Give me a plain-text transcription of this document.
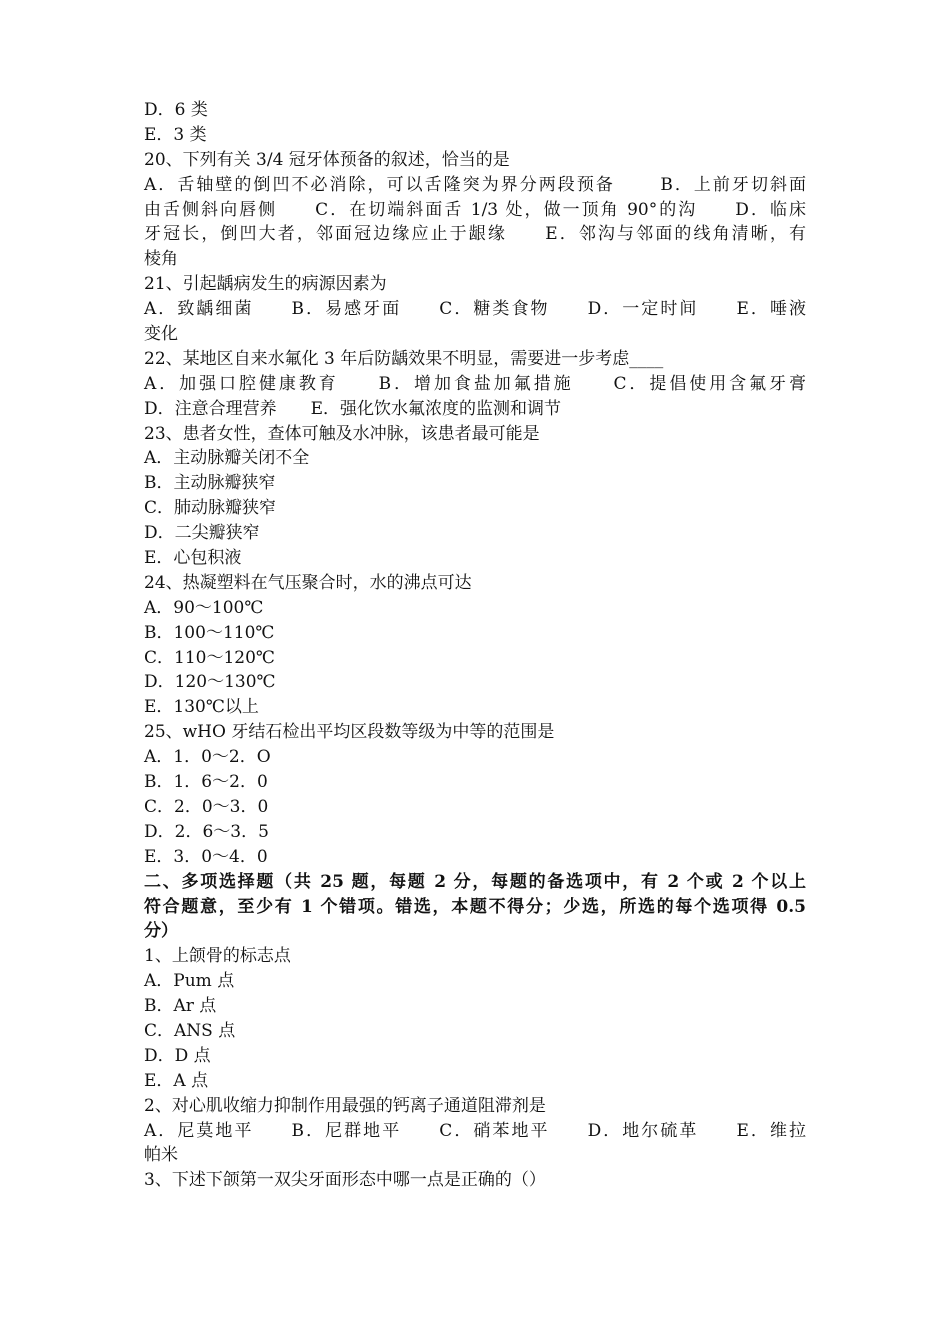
D．6 类
E．3 类
20、下列有关 3/4 冠牙体预备的叙述，恰当的是
A．舌轴壁的倒凹不必消除，可以舌隆突为界分两段预备　　 B．上前牙切斜面
由舌侧斜向唇侧　　C．在切端斜面舌 1/3 处，做一顶角 90°的沟　　D．临床
牙冠长，倒凹大者，邻面冠边缘应止于龈缘　　E．邻沟与邻面的线角清晰，有
棱角
21、引起龋病发生的病源因素为
A．致龋细菌　　B．易感牙面　　C．糖类食物　　D．一定时间　　E．唾液
变化
22、某地区自来水氟化 3 年后防龋效果不明显，需要进一步考虑____
A．加强口腔健康教育　　B．增加食盐加氟措施　　C．提倡使用含氟牙膏
D．注意合理营养　　E．强化饮水氟浓度的监测和调节
23、患者女性，查体可触及水冲脉，该患者最可能是
A．主动脉瓣关闭不全
B．主动脉瓣狭窄
C．肺动脉瓣狭窄
D．二尖瓣狭窄
E．心包积液
24、热凝塑料在气压聚合时，水的沸点可达
A．90～100℃
B．100～110℃
C．110～120℃
D．120～130℃
E．130℃以上
25、wHO 牙结石检出平均区段数等级为中等的范围是
A．1．0～2．O
B．1．6～2．0
C．2．0～3．0
D．2．6～3．5
E．3．0～4．0
二、多项选择题（共 25 题，每题 2 分，每题的备选项中，有 2 个或 2 个以上
符合题意，至少有 1 个错项。错选，本题不得分；少选，所选的每个选项得 0.5
分）
1、上颌骨的标志点
A．Pum 点
B．Ar 点
C．ANS 点
D．D 点
E．A 点
2、对心肌收缩力抑制作用最强的钙离子通道阻滞剂是
A．尼莫地平　　B．尼群地平　　C．硝苯地平　　D．地尔硫革　　E．维拉
帕米
3、下述下颌第一双尖牙面形态中哪一点是正确的（）
